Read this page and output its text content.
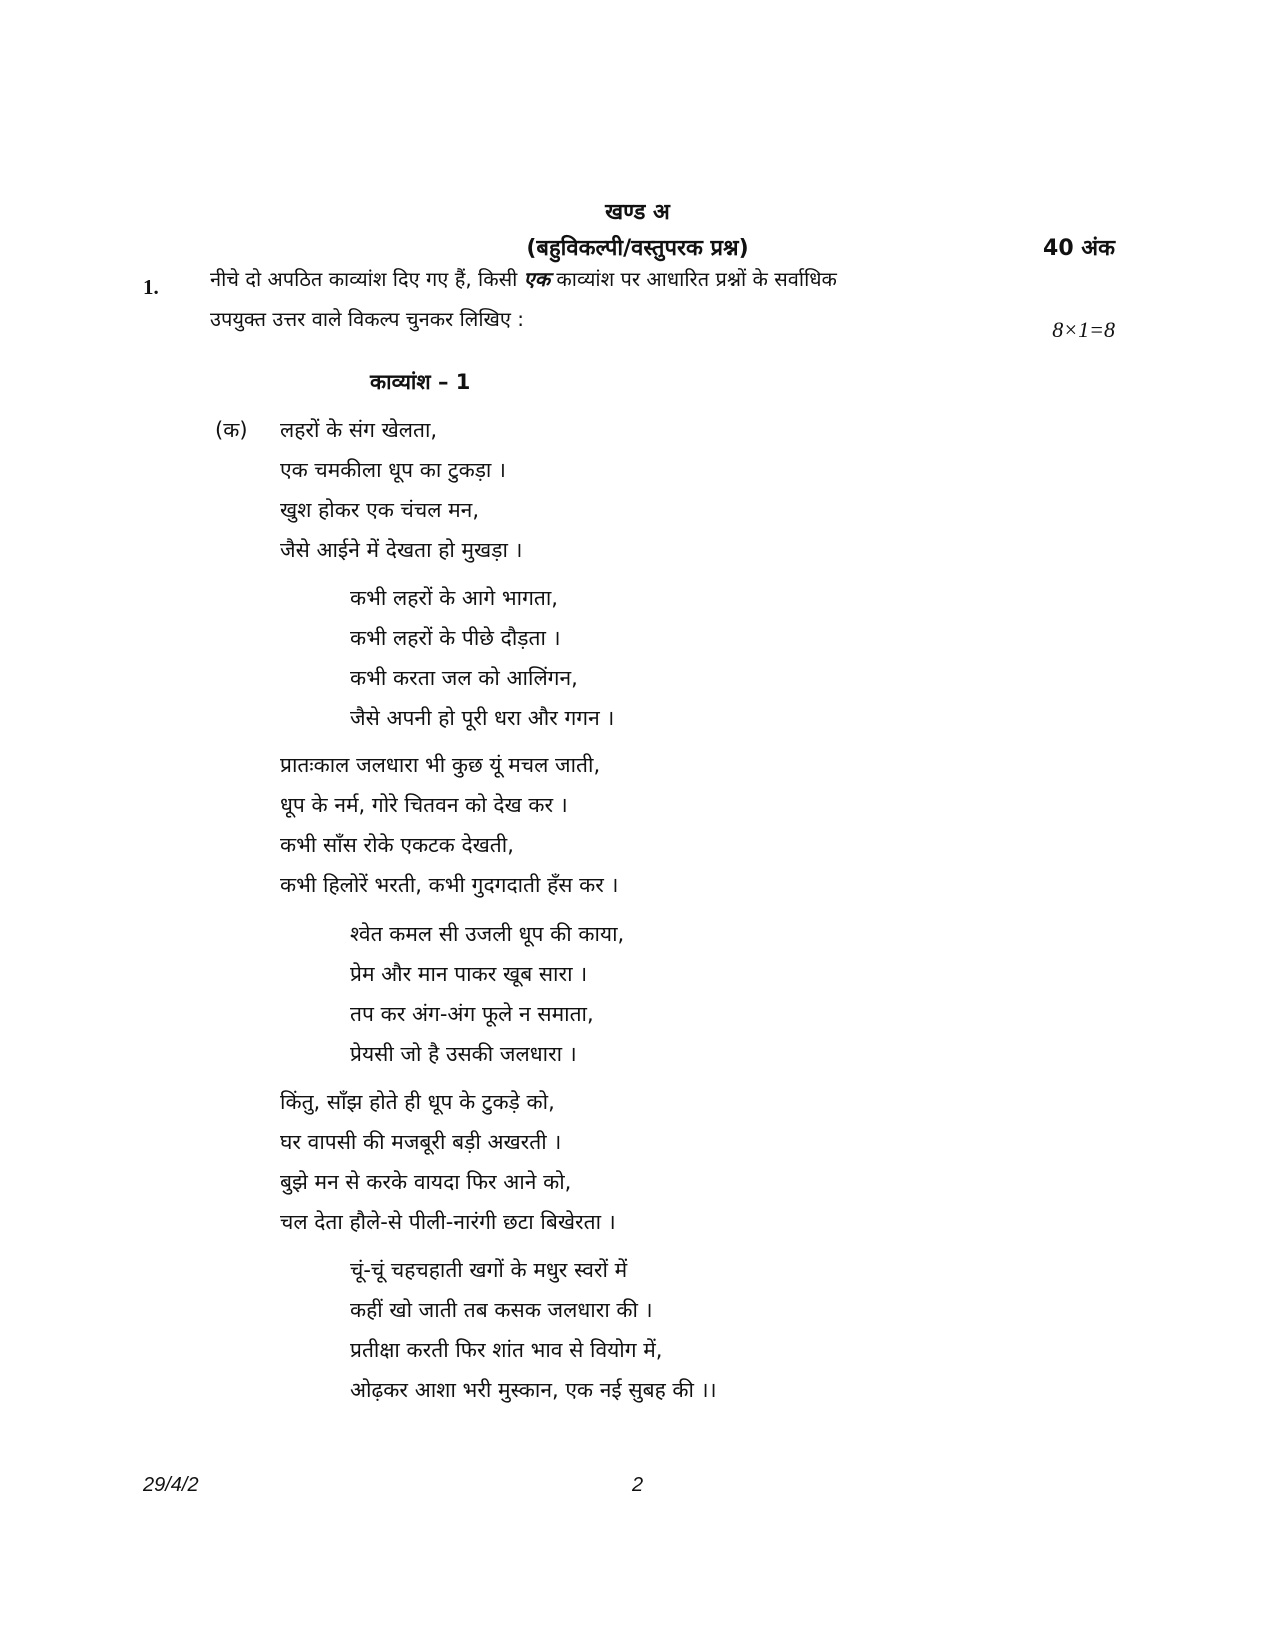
खण्ड अ
(बहुविकल्पी/वस्तुपरक प्रश्न)	40 अंक
1.	नीचे दो अपठित काव्यांश दिए गए हैं, किसी एक काव्यांश पर आधारित प्रश्नों के सर्वाधिक
उपयुक्त उत्तर वाले विकल्प चुनकर लिखिए :	8×1=8
काव्यांश – 1
(क) लहरों के संग खेलता,
एक चमकीला धूप का टुकड़ा ।
खुश होकर एक चंचल मन,
जैसे आईने में देखता हो मुखड़ा ।
कभी लहरों के आगे भागता,
कभी लहरों के पीछे दौड़ता ।
कभी करता जल को आलिंगन,
जैसे अपनी हो पूरी धरा और गगन ।
प्रातःकाल जलधारा भी कुछ यूं मचल जाती,
धूप के नर्म, गोरे चितवन को देख कर ।
कभी साँस रोके एकटक देखती,
कभी हिलोरें भरती, कभी गुदगदाती हँस कर ।
श्वेत कमल सी उजली धूप की काया,
प्रेम और मान पाकर खूब सारा ।
तप कर अंग-अंग फूले न समाता,
प्रेयसी जो है उसकी जलधारा ।
किंतु, साँझ होते ही धूप के टुकड़े को,
घर वापसी की मजबूरी बड़ी अखरती ।
बुझे मन से करके वायदा फिर आने को,
चल देता हौले-से पीली-नारंगी छटा बिखेरता ।
चूं-चूं चहचहाती खगों के मधुर स्वरों में
कहीं खो जाती तब कसक जलधारा की ।
प्रतीक्षा करती फिर शांत भाव से वियोग में,
ओढ़कर आशा भरी मुस्कान, एक नई सुबह की ।।
29/4/2	2
